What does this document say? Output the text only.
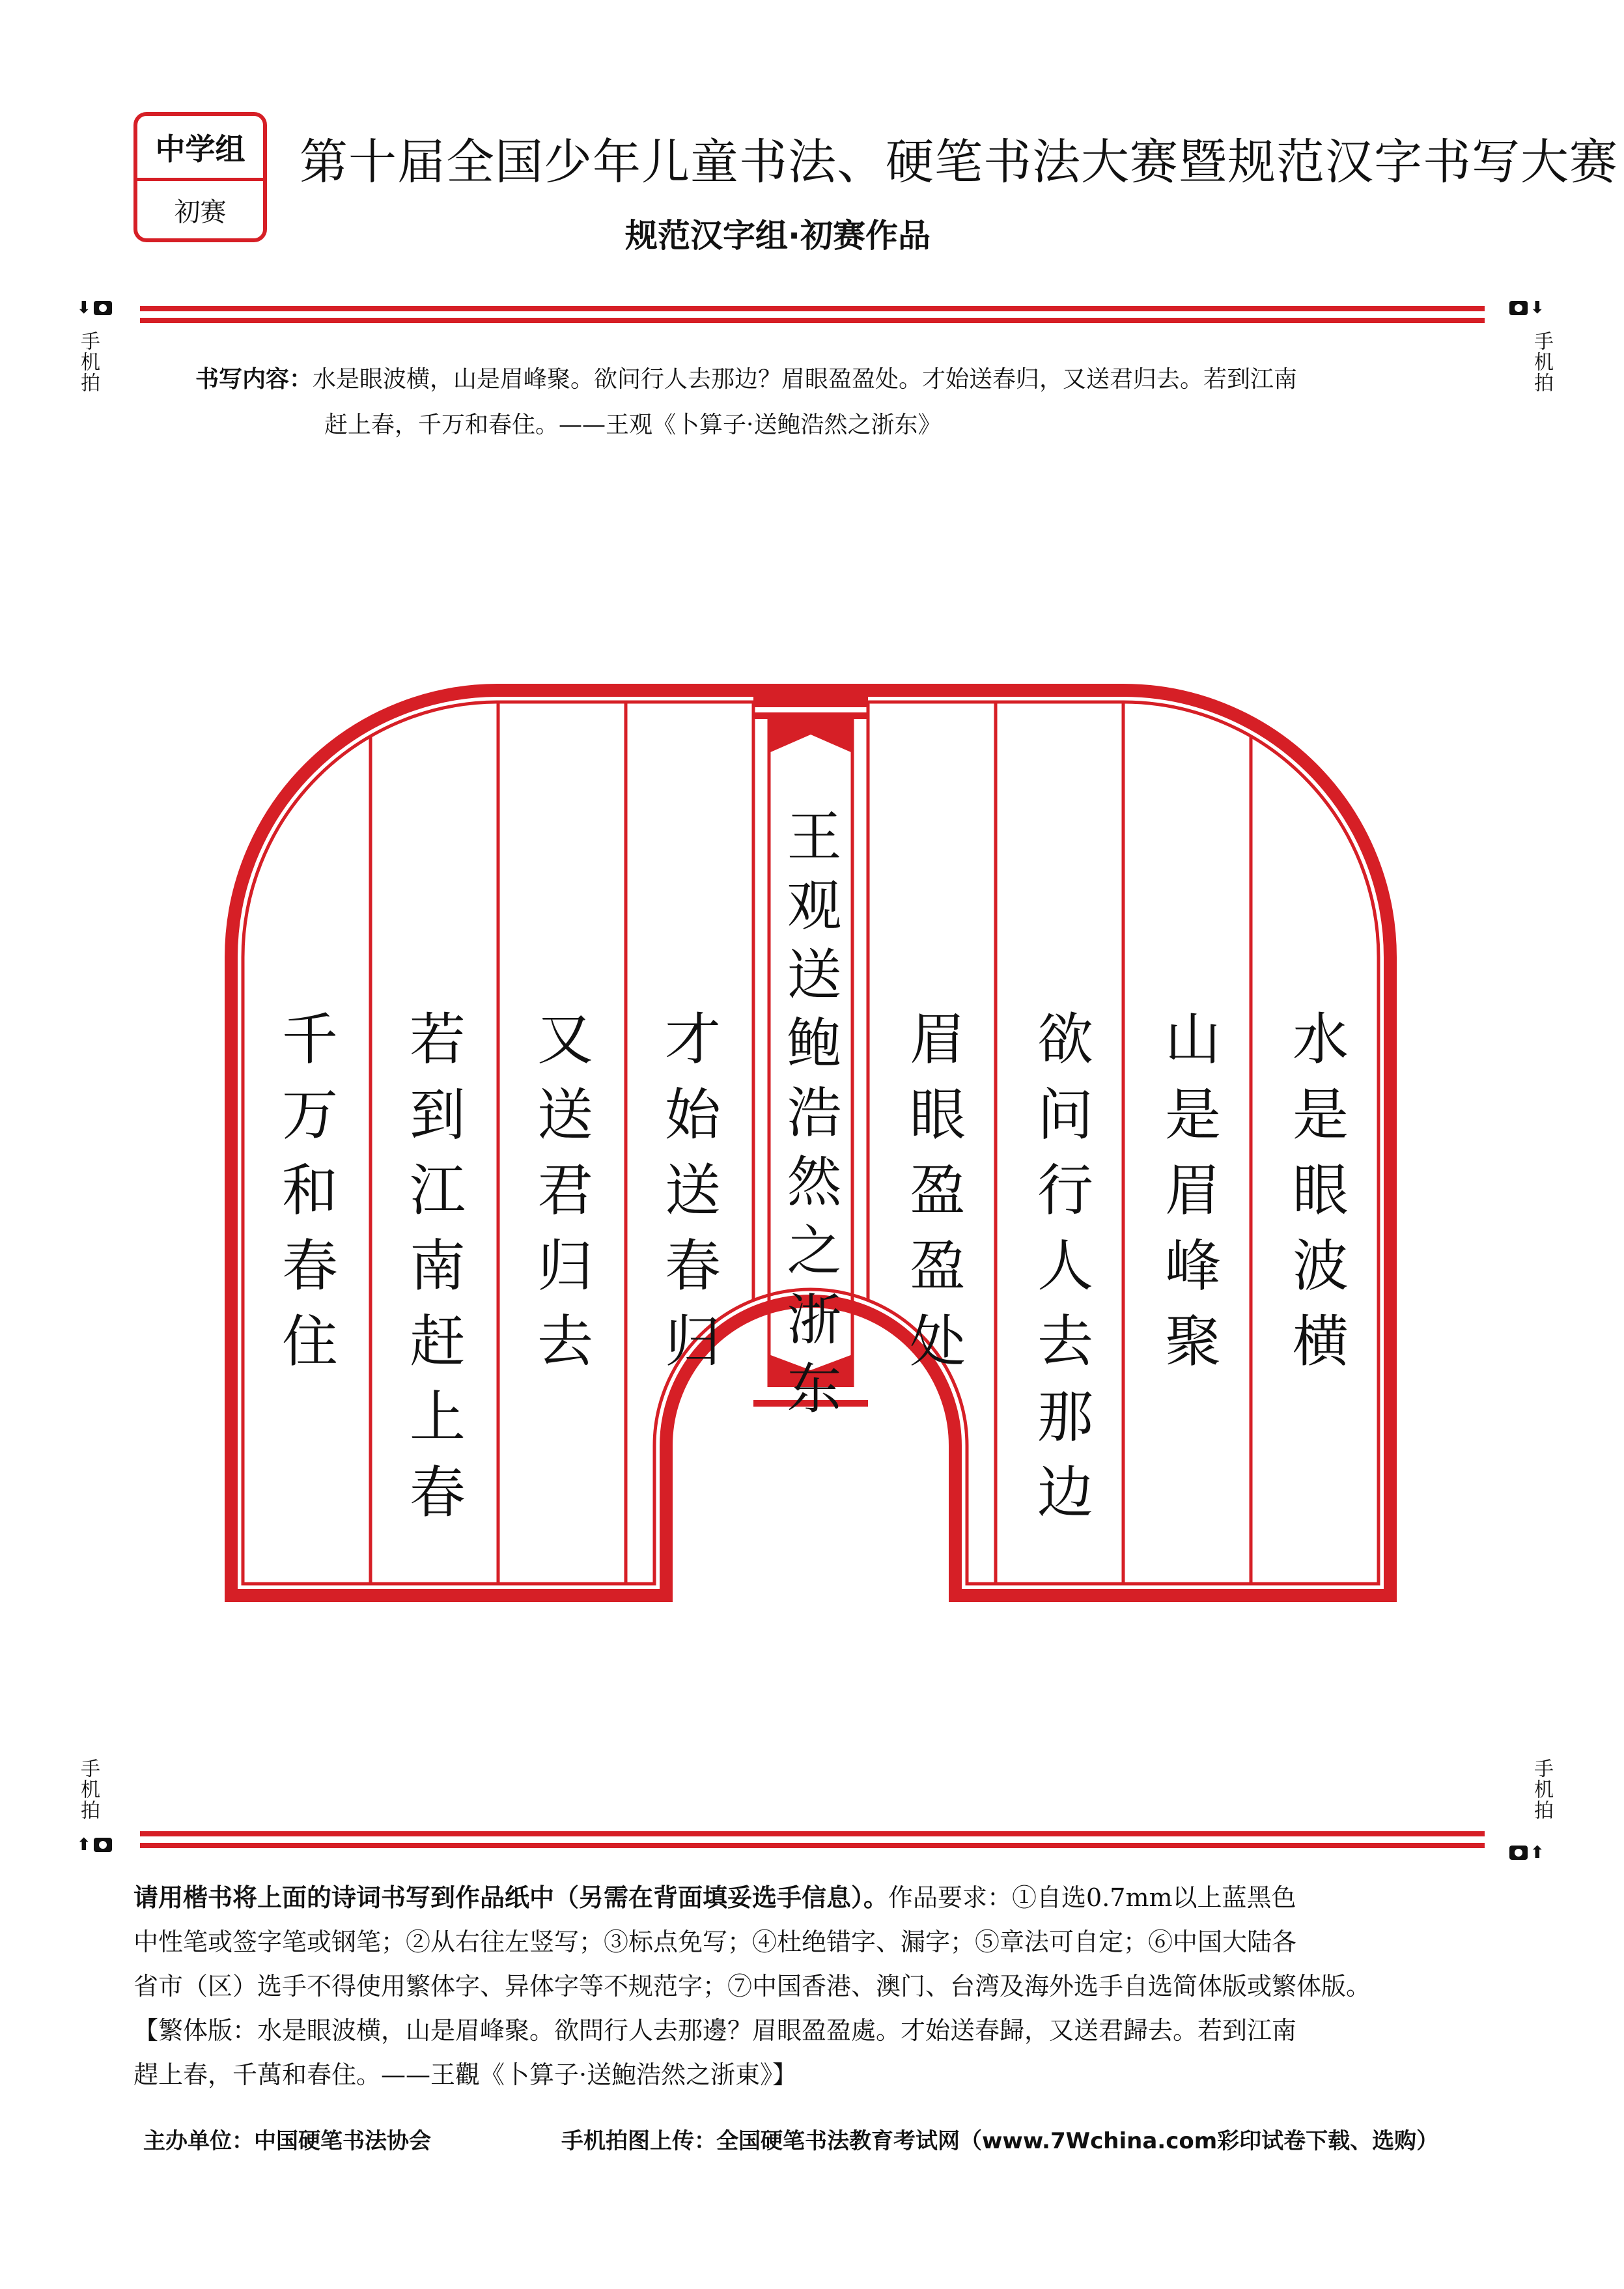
中学组
初赛
第十届全国少年儿童书法、硬笔书法大赛暨规范汉字书写大赛
规范汉字组·初赛作品
⬇	⬇
手机拍	手机拍
书写内容：水是眼波横，山是眉峰聚。欲问行人去那边？眉眼盈盈处。才始送春归，又送君归去。若到江南
赶上春，千万和春住。——王观《卜算子·送鲍浩然之浙东》
水是眼波横
山是眉峰聚
欲问行人去那边
眉眼盈盈处
王观送鲍浩然之浙东
才始送春归
又送君归去
若到江南赶上春
千万和春住
手机拍	手机拍
⬆	⬆
请用楷书将上面的诗词书写到作品纸中（另需在背面填妥选手信息）。作品要求：①自选0.7mm以上蓝黑色
中性笔或签字笔或钢笔；②从右往左竖写；③标点免写；④杜绝错字、漏字；⑤章法可自定；⑥中国大陆各
省市（区）选手不得使用繁体字、异体字等不规范字；⑦中国香港、澳门、台湾及海外选手自选简体版或繁体版。
【繁体版：水是眼波横，山是眉峰聚。欲問行人去那邊？眉眼盈盈處。才始送春歸，又送君歸去。若到江南
趕上春，千萬和春住。——王觀《卜算子·送鮑浩然之浙東》】
主办单位：中国硬笔书法协会	手机拍图上传：全国硬笔书法教育考试网（www.7Wchina.com彩印试卷下载、选购）
